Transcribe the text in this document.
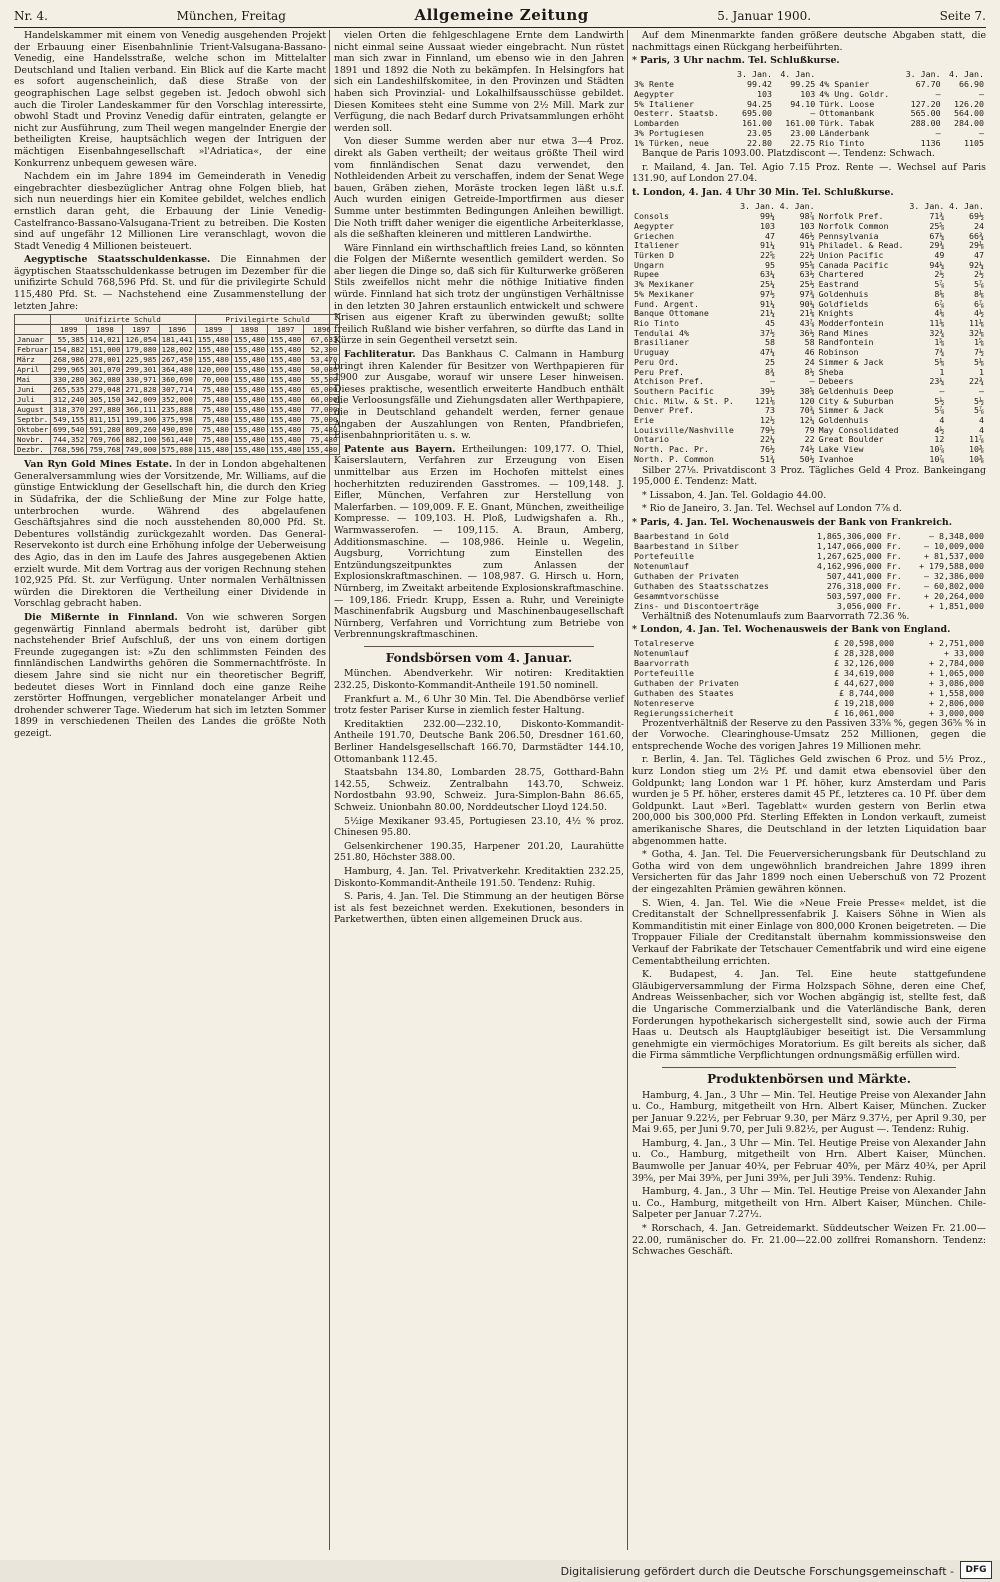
Nr. 4.	München, Freitag	Allgemeine Zeitung	5. Januar 1900.	Seite 7.

Handelskammer mit einem von Venedig ausgehenden Projekt der Erbauung einer Eisenbahnlinie Trient-Valsugana-Bassano-Venedig, eine Handelsstraße, welche schon im Mittelalter Deutschland und Italien verband. Ein Blick auf die Karte macht es sofort augenscheinlich, daß diese Straße von der geographischen Lage selbst gegeben ist. Jedoch obwohl sich auch die Tiroler Landeskammer für den Vorschlag interessirte, obwohl Stadt und Provinz Venedig dafür eintraten, gelangte er nicht zur Ausführung, zum Theil wegen mangelnder Energie der betheiligten Kreise, hauptsächlich wegen der Intriguen der mächtigen Eisenbahngesellschaft »l'Adriatica«, der eine Konkurrenz unbequem gewesen wäre.

Nachdem ein im Jahre 1894 im Gemeinderath in Venedig eingebrachter diesbezüglicher Antrag ohne Folgen blieb, hat sich nun neuerdings hier ein Komitee gebildet, welches endlich ernstlich daran geht, die Erbauung der Linie Venedig-Castelfranco-Bassano-Valsugana-Trient zu betreiben. Die Kosten sind auf ungefähr 12 Millionen Lire veranschlagt, wovon die Stadt Venedig 4 Millionen beisteuert.

Aegyptische Staatsschuldenkasse. Die Einnahmen der ägyptischen Staatsschuldenkasse betrugen im Dezember für die unifizirte Schuld 768,596 Pfd. St. und für die privilegirte Schuld 115,480 Pfd. St. — Nachstehend eine Zusammenstellung der letzten Jahre:

	Unifizirte Schuld				Privilegirte Schuld			
	1899	1898	1897	1896	1899	1898	1897	1896
Januar	55,385	114,021	126,054	181,441	155,480	155,480	155,480	67,633
Februar	154,882	151,000	179,080	128,002	155,480	155,480	155,480	52,300
März	268,986	278,001	225,985	267,450	155,480	155,480	155,480	53,470
April	299,965	301,070	299,301	364,480	120,000	155,480	155,480	50,080
Mai	330,280	362,080	330,971	360,690	70,000	155,480	155,480	55,500
Juni	265,535	279,048	271,828	307,714	75,480	155,480	155,480	65,000
Juli	312,240	305,150	342,009	352,000	75,480	155,480	155,480	66,000
August	318,370	297,880	366,111	235,888	75,480	155,480	155,480	77,000
Septbr.	549,155	811,151	199,306	375,998	75,480	155,480	155,480	75,000
Oktober	699,540	591,280	809,260	490,890	75,480	155,480	155,480	75,480
Novbr.	744,352	769,766	882,100	561,440	75,480	155,480	155,480	75,480
Dezbr.	768,596	759,768	749,000	575,080	115,480	155,480	155,480	155,480

Van Ryn Gold Mines Estate. In der in London abgehaltenen Generalversammlung wies der Vorsitzende, Mr. Williams, auf die günstige Entwicklung der Gesellschaft hin, die durch den Krieg in Südafrika, der die Schließung der Mine zur Folge hatte, unterbrochen wurde. Während des abgelaufenen Geschäftsjahres sind die noch ausstehenden 80,000 Pfd. St. Debentures vollständig zurückgezahlt worden. Das General-Reservekonto ist durch eine Erhöhung infolge der Ueberweisung des Agio, das in den im Laufe des Jahres ausgegebenen Aktien erzielt wurde. Mit dem Vortrag aus der vorigen Rechnung stehen 102,925 Pfd. St. zur Verfügung. Unter normalen Verhältnissen würden die Direktoren die Vertheilung einer Dividende in Vorschlag gebracht haben.

Die Mißernte in Finnland. Von wie schweren Sorgen gegenwärtig Finnland abermals bedroht ist, darüber gibt nachstehender Brief Aufschluß, der uns von einem dortigen Freunde zugegangen ist: »Zu den schlimmsten Feinden des finnländischen Landwirths gehören die Sommernachtfröste. In diesem Jahre sind sie nicht nur ein theoretischer Begriff, bedeutet dieses Wort in Finnland doch eine ganze Reihe zerstörter Hoffnungen, vergeblicher monatelanger Arbeit und drohender schwerer Tage. Wiederum hat sich im letzten Sommer 1899 in verschiedenen Theilen des Landes die größte Noth gezeigt.

vielen Orten die fehlgeschlagene Ernte dem Landwirth nicht einmal seine Aussaat wieder eingebracht. Nun rüstet man sich zwar in Finnland, um ebenso wie in den Jahren 1891 und 1892 die Noth zu bekämpfen. In Helsingfors hat sich ein Landeshilfskomitee, in den Provinzen und Städten haben sich Provinzial- und Lokalhilfsausschüsse gebildet. Diesen Komitees steht eine Summe von 2½ Mill. Mark zur Verfügung, die nach Bedarf durch Privatsammlungen erhöht werden soll.

Von dieser Summe werden aber nur etwa 3—4 Proz. direkt als Gaben vertheilt; der weitaus größte Theil wird vom finnländischen Senat dazu verwendet, den Nothleidenden Arbeit zu verschaffen, indem der Senat Wege bauen, Gräben ziehen, Moräste trocken legen läßt u.s.f. Auch wurden einigen Getreide-Importfirmen aus dieser Summe unter bestimmten Bedingungen Anleihen bewilligt. Die Noth trifft daher weniger die eigentliche Arbeiterklasse, als die seßhaften kleineren und mittleren Landwirthe.

Wäre Finnland ein wirthschaftlich freies Land, so könnten die Folgen der Mißernte wesentlich gemildert werden. So aber liegen die Dinge so, daß sich für Kulturwerke größeren Stils zweifellos nicht mehr die nöthige Initiative finden würde. Finnland hat sich trotz der ungünstigen Verhältnisse in den letzten 30 Jahren erstaunlich entwickelt und schwere Krisen aus eigener Kraft zu überwinden gewußt; sollte freilich Rußland wie bisher verfahren, so dürfte das Land in Kürze in sein Gegentheil versetzt sein.

Fachliteratur. Das Bankhaus C. Calmann in Hamburg bringt ihren Kalender für Besitzer von Werthpapieren für 1900 zur Ausgabe, worauf wir unsere Leser hinweisen. Dieses praktische, wesentlich erweiterte Handbuch enthält die Verloosungsfälle und Ziehungsdaten aller Werthpapiere, die in Deutschland gehandelt werden, ferner genaue Angaben der Auszahlungen von Renten, Pfandbriefen, Eisenbahnprioritäten u. s. w.

Patente aus Bayern. Ertheilungen: 109,177. O. Thiel, Kaiserslautern, Verfahren zur Erzeugung von Eisen unmittelbar aus Erzen im Hochofen mittelst eines hocherhitzten reduzirenden Gasstromes. — 109,148. J. Eifler, München, Verfahren zur Herstellung von Malerfarben. — 109,009. F. E. Gnant, München, zweitheilige Kompresse. — 109,103. H. Ploß, Ludwigshafen a. Rh., Warmwasserofen. — 109,115. A. Braun, Amberg, Additionsmaschine. — 108,986. Heinle u. Wegelin, Augsburg, Vorrichtung zum Einstellen des Entzündungszeitpunktes zum Anlassen der Explosionskraftmaschinen. — 108,987. G. Hirsch u. Horn, Nürnberg, im Zweitakt arbeitende Explosionskraftmaschine. — 109,186. Friedr. Krupp, Essen a. Ruhr, und Vereinigte Maschinenfabrik Augsburg und Maschinenbaugesellschaft Nürnberg, Verfahren und Vorrichtung zum Betriebe von Verbrennungskraftmaschinen.

Fondsbörsen vom 4. Januar.

München. Abendverkehr. Wir notiren: Kreditaktien 232.25, Diskonto-Kommandit-Antheile 191.50 nominell.

Frankfurt a. M., 6 Uhr 30 Min. Tel. Die Abendbörse verlief trotz fester Pariser Kurse in ziemlich fester Haltung.

Kreditaktien 232.00—232.10, Diskonto-Kommandit-Antheile 191.70, Deutsche Bank 206.50, Dresdner 161.60, Berliner Handelsgesellschaft 166.70, Darmstädter 144.10, Ottomanbank 112.45.

Staatsbahn 134.80, Lombarden 28.75, Gotthard-Bahn 142.55, Schweiz. Zentralbahn 143.70, Schweiz. Nordostbahn 93.90, Schweiz. Jura-Simplon-Bahn 86.65, Schweiz. Unionbahn 80.00, Norddeutscher Lloyd 124.50.

5½ige Mexikaner 93.45, Portugiesen 23.10, 4½ % proz. Chinesen 95.80.

Gelsenkirchener 190.35, Harpener 201.20, Laurahütte 251.80, Höchster 388.00.

Hamburg, 4. Jan. Tel. Privatverkehr. Kreditaktien 232.25, Diskonto-Kommandit-Antheile 191.50. Tendenz: Ruhig.

S. Paris, 4. Jan. Tel. Die Stimmung an der heutigen Börse ist als fest bezeichnet werden. Exekutionen, besonders in Parketwerthen, übten einen allgemeinen Druck aus.

Auf dem Minenmarkte fanden größere deutsche Abgaben statt, die nachmittags einen Rückgang herbeiführten.

* Paris, 3 Uhr nachm. Tel. Schlußkurse.

	3. Jan.	4. Jan.		3. Jan.	4. Jan.
3% Rente	99.42	99.25	4% Spanier	67.70	66.90
Aegypter	103	103	4% Ung. Goldr.	—	—
5% Italiener	94.25	94.10	Türk. Loose	127.20	126.20
Oesterr. Staatsb.	695.00	—	Ottomanbank	565.00	564.00
Lombarden	161.00	161.00	Türk. Tabak	288.00	284.00
3% Portugiesen	23.05	23.00	Länderbank	—	—
1% Türken, neue	22.80	22.75	Rio Tinto	1136	1105

Banque de Paris 1093.00. Platzdiscont —. Tendenz: Schwach.

r. Mailand, 4. Jan. Tel. Agio 7.15 Proz. Rente —. Wechsel auf Paris 131.90, auf London 27.04.

t. London, 4. Jan. 4 Uhr 30 Min. Tel. Schlußkurse.

	3. Jan.	4. Jan.		3. Jan.	4. Jan.
Consols	99¼	98⅞	Norfolk Pref.	71¾	69½
Aegypter	103	103	Norfolk Common	25⅝	24
Griechen	47	46½	Pennsylvania	67¼	66¾
Italiener	91¼	91¼	Philadel. & Read.	29¾	29⅛
Türken D	22⅝	22½	Union Pacific	49	47
Ungarn	95	95⅝	Canada Pacific	94¼	92¼
Rupee	63¼	63½	Chartered	2½	2½
3% Mexikaner	25¼	25½	Eastrand	5⅞	5⅞
5% Mexikaner	97½	97¾	Goldenhuis	8⅛	8⅛
Fund. Argent.	91¼	90¼	Goldfields	6⅞	6⅞
Banque Ottomane	21¼	21⅛	Knights	4⅛	4½
Rio Tinto	45	43⅞	Modderfontein	11⅛	11⅛
Tendulai 4%	37½	36½	Rand Mines	32¾	32⅛
Brasilianer	58	58	Randfontein	1⅝	1⅝
Uruguay	47¼	46	Robinson	7¾	7½
Peru Ord.	25	24	Simmer & Jack	5⅛	5⅛
Peru Pref.	8¾	8½	Sheba	1	1
Atchison Pref.	—	—	Debeers	23¼	22¾
Southern Pacific	39½	38⅝	Geldenhuis Deep	—	—
Chic. Milw. & St. P.	121⅛	120	City & Suburban	5½	5½
Denver Pref.	73	70¾	Simmer & Jack	5⅞	5⅞
Erie	12½	12¼	Goldenhuis	4	4
Louisville/Nashville	79½	79	May Consolidated	4½	4
Ontario	22¼	22	Great Boulder	12	11⅞
North. Pac. Pr.	76½	74½	Lake View	10⅞	10⅜
North. P. Common	51¾	50½	Ivanhoe	10⅞	10⅜

Silber 27⅛. Privatdiscont 3 Proz. Tägliches Geld 4 Proz. Bankeingang 195,000 £. Tendenz: Matt.

* Lissabon, 4. Jan. Tel. Goldagio 44.00.

* Rio de Janeiro, 3. Jan. Tel. Wechsel auf London 7⅞ d.

* Paris, 4. Jan. Tel. Wochenausweis der Bank von Frankreich.

Baarbestand in Gold	1,865,306,000 Fr.	— 8,348,000
Baarbestand in Silber	1,147,066,000 Fr.	— 10,009,000
Portefeuille	1,267,625,000 Fr.	+ 81,537,000
Notenumlauf	4,162,996,000 Fr.	+ 179,588,000
Guthaben der Privaten	507,441,000 Fr.	— 32,386,000
Guthaben des Staatsschatzes	276,318,000 Fr.	— 60,802,000
Gesammtvorschüsse	503,597,000 Fr.	+ 20,264,000
Zins- und Discontoerträge	3,056,000 Fr.	+ 1,851,000

Verhältniß des Notenumlaufs zum Baarvorrath 72.36 %.

* London, 4. Jan. Tel. Wochenausweis der Bank von England.

Totalreserve	£ 20,598,000	+ 2,751,000
Notenumlauf	£ 28,328,000	+ 33,000
Baarvorrath	£ 32,126,000	+ 2,784,000
Portefeuille	£ 34,619,000	+ 1,065,000
Guthaben der Privaten	£ 44,627,000	+ 3,086,000
Guthaben des Staates	£ 8,744,000	+ 1,558,000
Notenreserve	£ 19,218,000	+ 2,806,000
Regierungssicherheit	£ 16,061,000	+ 3,000,000

Prozentverhältniß der Reserve zu den Passiven 33⅝ %, gegen 36⅝ % in der Vorwoche. Clearinghouse-Umsatz 252 Millionen, gegen die entsprechende Woche des vorigen Jahres 19 Millionen mehr.

r. Berlin, 4. Jan. Tel. Tägliches Geld zwischen 6 Proz. und 5½ Proz., kurz London stieg um 2½ Pf. und damit etwa ebensoviel über den Goldpunkt; lang London war 1 Pf. höher, kurz Amsterdam und Paris wurden je 5 Pf. höher, ersteres damit 45 Pf., letzteres ca. 10 Pf. über dem Goldpunkt. Laut »Berl. Tageblatt« wurden gestern von Berlin etwa 200,000 bis 300,000 Pfd. Sterling Effekten in London verkauft, zumeist amerikanische Shares, die Deutschland in der letzten Liquidation baar abgenommen hatte.

* Gotha, 4. Jan. Tel. Die Feuerversicherungsbank für Deutschland zu Gotha wird von dem ungewöhnlich brandreichen Jahre 1899 ihren Versicherten für das Jahr 1899 noch einen Ueberschuß von 72 Prozent der eingezahlten Prämien gewähren können.

S. Wien, 4. Jan. Tel. Wie die »Neue Freie Presse« meldet, ist die Creditanstalt der Schnellpressenfabrik J. Kaisers Söhne in Wien als Kommanditistin mit einer Einlage von 800,000 Kronen beigetreten. — Die Troppauer Filiale der Creditanstalt übernahm kommissionsweise den Verkauf der Fabrikate der Tetschauer Cementfabrik und wird eine eigene Cementabtheilung errichten.

K. Budapest, 4. Jan. Tel. Eine heute stattgefundene Gläubigerversammlung der Firma Holzspach Söhne, deren eine Chef, Andreas Weissenbacher, sich vor Wochen abgängig ist, stellte fest, daß die Ungarische Commerzialbank und die Vaterländische Bank, deren Forderungen hypothekarisch sichergestellt sind, sowie auch der Firma Haas u. Deutsch als Hauptgläubiger beseitigt ist. Die Versammlung genehmigte ein viermöchiges Moratorium. Es gilt bereits als sicher, daß die Firma sämmtliche Verpflichtungen ordnungsmäßig erfüllen wird.

Produktenbörsen und Märkte.

Hamburg, 4. Jan., 3 Uhr — Min. Tel. Heutige Preise von Alexander Jahn u. Co., Hamburg, mitgetheilt von Hrn. Albert Kaiser, München. Zucker per Januar 9.22½, per Februar 9.30, per März 9.37½, per April 9.30, per Mai 9.65, per Juni 9.70, per Juli 9.82½, per August —. Tendenz: Ruhig.

Hamburg, 4. Jan., 3 Uhr — Min. Tel. Heutige Preise von Alexander Jahn u. Co., Hamburg, mitgetheilt von Hrn. Albert Kaiser, München. Baumwolle per Januar 40¾, per Februar 40⅝, per März 40¾, per April 39⅝, per Mai 39⅝, per Juni 39⅝, per Juli 39⅝. Tendenz: Ruhig.

Hamburg, 4. Jan., 3 Uhr — Min. Tel. Heutige Preise von Alexander Jahn u. Co., Hamburg, mitgetheilt von Hrn. Albert Kaiser, München. Chile-Salpeter per Januar 7.27½.

* Rorschach, 4. Jan. Getreidemarkt. Süddeutscher Weizen Fr. 21.00—22.00, rumänischer do. Fr. 21.00—22.00 zollfrei Romanshorn. Tendenz: Schwaches Geschäft.

Digitalisierung gefördert durch die Deutsche Forschungsgemeinschaft -	DFG
